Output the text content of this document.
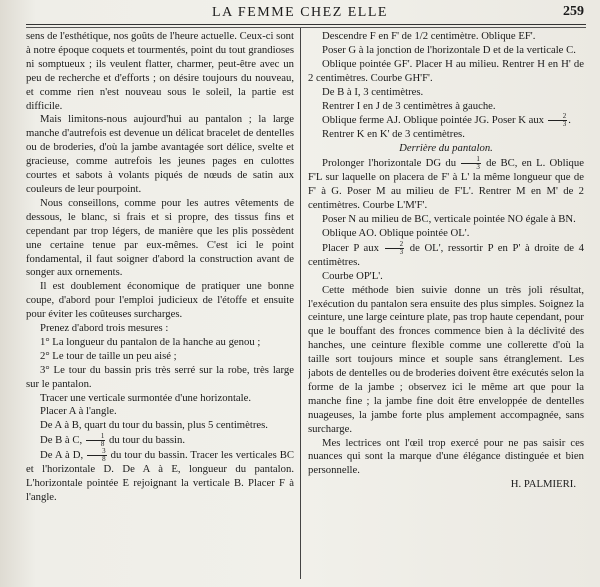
LA FEMME CHEZ ELLE	259

sens de l'esthétique, nos goûts de l'heure actuelle. Ceux-ci sont à notre époque coquets et tourmentés, point du tout grandioses ni somptueux ; ils veulent flatter, charmer, peut-être avec un peu de recherche et d'efforts ; on désire toujours du nouveau, et comme rien n'est nouveau sous le soleil, la partie est difficile.

Mais limitons-nous aujourd'hui au pantalon ; la large manche d'autrefois est devenue un délicat bracelet de dentelles ou de broderies, d'où la jambe avantagée sort délice, svelte et gracieuse, comme autrefois les jeunes pages en culottes courtes et sabots à volants piqués de nœuds de satin aux couleurs de leur pourpoint.

Nous conseillons, comme pour les autres vêtements de dessous, le blanc, si frais et si propre, des tissus fins et cependant par trop légers, de manière que les plis possèdent une certaine tenue par eux-mêmes. C'est ici le point fondamental, il faut soigner d'abord la construction avant de songer aux ornements.

Il est doublement économique de pratiquer une bonne coupe, d'abord pour l'emploi judicieux de l'étoffe et ensuite pour éviter les coûteuses surcharges.

Prenez d'abord trois mesures :

1° La longueur du pantalon de la hanche au genou ;

2° Le tour de taille un peu aisé ;

3° Le tour du bassin pris très serré sur la robe, très large sur le pantalon.

Tracer une verticale surmontée d'une horizontale.

Placer A à l'angle.

De A à B, quart du tour du bassin, plus 5 centimètres.

De B à C, $\frac{1}{8}$ du tour du bassin.

De A à D, $\frac{3}{8}$ du tour du bassin. Tracer les verticales BC et l'horizontale D. De A à E, longueur du pantalon. L'horizontale pointée E rejoignant la verticale B. Placer F à l'angle.

Descendre F en F' de 1/2 centimètre. Oblique EF'.

Poser G à la jonction de l'horizontale D et de la verticale C.

Oblique pointée GF'. Placer H au milieu. Rentrer H en H' de 2 centimètres. Courbe GH'F'.

De B à I, 3 centimètres.

Rentrer I en J de 3 centimètres à gauche.

Oblique ferme AJ. Oblique pointée JG. Poser K aux $\frac{2}{3}$ .

Rentrer K en K' de 3 centimètres.

Derrière du pantalon.

Prolonger l'horizontale DG du $\frac{1}{3}$ de BC, en L. Oblique F'L sur laquelle on placera de F' à L' la même longueur que de F' à G. Poser M au milieu de F'L'. Rentrer M en M' de 2 centimètres. Courbe L'M'F'.

Poser N au milieu de BC, verticale pointée NO égale à BN.

Oblique AO. Oblique pointée OL'.

Placer P aux $\frac{2}{3}$ de OL', ressortir P en P' à droite de 4 centimètres.

Courbe OP'L'.

Cette méthode bien suivie donne un très joli résultat, l'exécution du pantalon sera ensuite des plus simples. Soignez la ceinture, une large ceinture plate, pas trop haute cependant, pour que le bouffant des fronces commence bien à la déclivité des hanches, une ceinture flexible comme une collerette d'où la taille sort toujours mince et souple sans étranglement. Les jabots de dentelles ou de broderies doivent être exécutés selon la forme de la jambe ; observez ici le même art que pour la manche fine ; la jambe fine doit être enveloppée de dentelles nuageuses, la jambe forte plus amplement accompagnée, sans surcharge.

Mes lectrices ont l'œil trop exercé pour ne pas saisir ces nuances qui sont la marque d'une élégance distinguée et bien personnelle.

H. PALMIERI.
